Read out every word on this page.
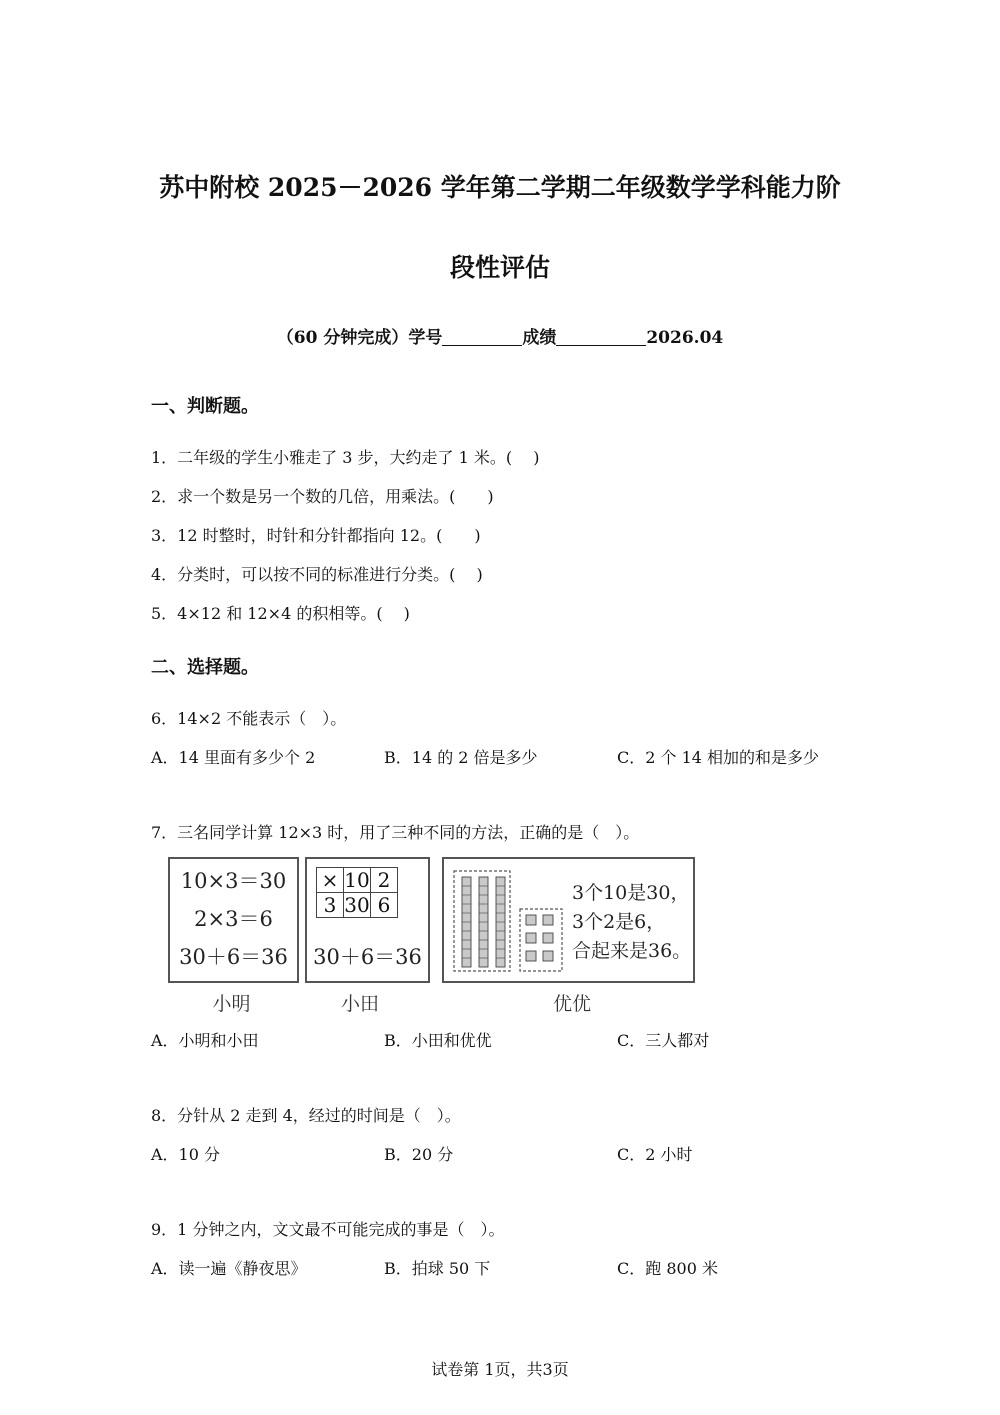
苏中附校 2025－2026 学年第二学期二年级数学学科能力阶
段性评估
（60 分钟完成）学号	成绩	2026.04
一、判断题。
1．二年级的学生小雅走了 3 步，大约走了 1 米。(　 )
2．求一个数是另一个数的几倍，用乘法。(　　)
3．12 时整时，时针和分针都指向 12。(　　)
4．分类时，可以按不同的标准进行分类。(　 )
5．4×12 和 12×4 的积相等。(　 )
二、选择题。
6．14×2 不能表示（　）。
A．14 里面有多少个 2	B．14 的 2 倍是多少	C．2 个 14 相加的和是多少
7．三名同学计算 12×3 时，用了三种不同的方法，正确的是（　）。
10×3＝30
2×3＝6
30＋6＝36
×	10	2
3	30	6
30＋6＝36
3个10是30，
3个2是6，
合起来是36。
小明	小田	优优
A．小明和小田	B．小田和优优	C．三人都对
8．分针从 2 走到 4，经过的时间是（　）。
A．10 分	B．20 分	C．2 小时
9．1 分钟之内，文文最不可能完成的事是（　）。
A．读一遍《静夜思》	B．拍球 50 下	C．跑 800 米
试卷第 1页，共3页
